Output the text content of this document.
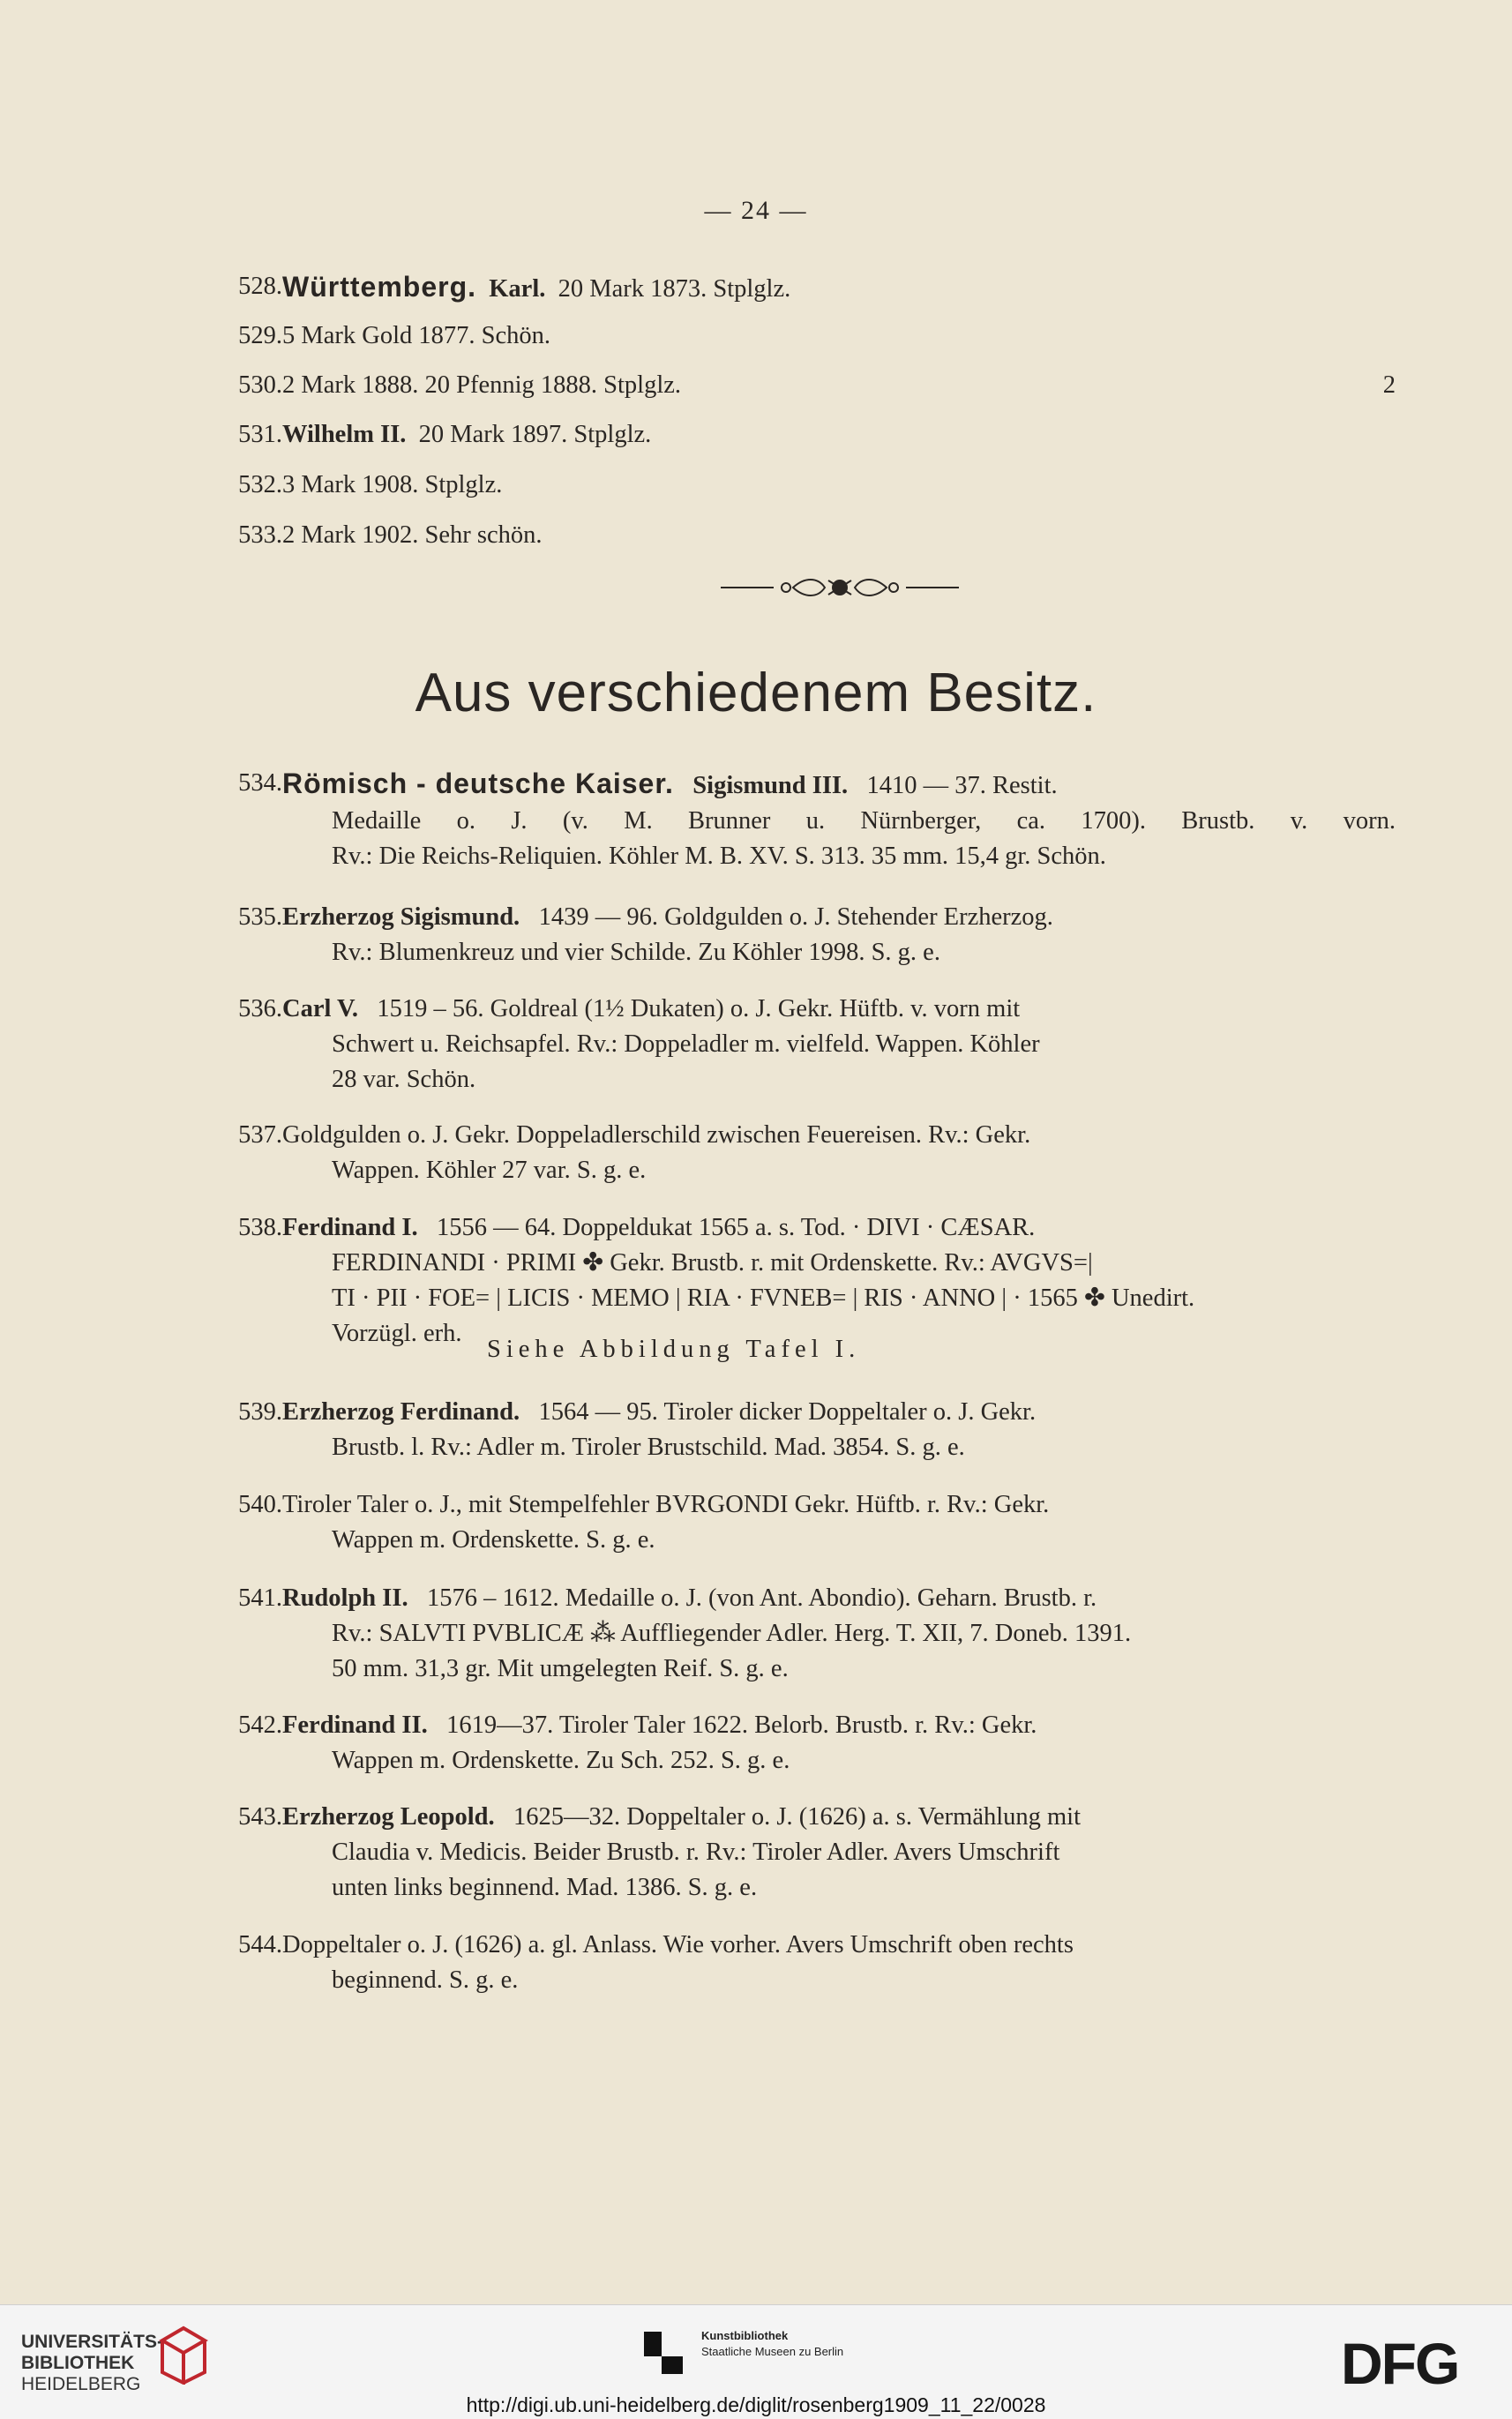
— 24 —
528. Württemberg. Karl. 20 Mark 1873. Stplglz.
529. 5 Mark Gold 1877. Schön.
530. 2 Mark 1888. 20 Pfennig 1888. Stplglz.	2
531. Wilhelm II. 20 Mark 1897. Stplglz.
532. 3 Mark 1908. Stplglz.
533. 2 Mark 1902. Sehr schön.
Aus verschiedenem Besitz.
534. Römisch - deutsche Kaiser. Sigismund III. 1410 — 37. Restit.
Medaille o. J. (v. M. Brunner u. Nürnberger, ca. 1700). Brustb. v. vorn.
Rv.: Die Reichs-Reliquien. Köhler M. B. XV. S. 313. 35 mm. 15,4 gr. Schön.
535. Erzherzog Sigismund. 1439 — 96. Goldgulden o. J. Stehender Erzherzog.
Rv.: Blumenkreuz und vier Schilde. Zu Köhler 1998. S. g. e.
536. Carl V. 1519 – 56. Goldreal (1½ Dukaten) o. J. Gekr. Hüftb. v. vorn mit
Schwert u. Reichsapfel. Rv.: Doppeladler m. vielfeld. Wappen. Köhler
28 var. Schön.
537. Goldgulden o. J. Gekr. Doppeladlerschild zwischen Feuereisen. Rv.: Gekr.
Wappen. Köhler 27 var. S. g. e.
538. Ferdinand I. 1556 — 64. Doppeldukat 1565 a. s. Tod. · DIVI · CÆSAR.
FERDINANDI · PRIMI ✤ Gekr. Brustb. r. mit Ordenskette. Rv.: AVGVS=|
TI · PII · FOE= | LICIS · MEMO | RIA · FVNEB= | RIS · ANNO | · 1565 ✤ Unedirt.
Vorzügl. erh.    Siehe Abbildung Tafel I.
539. Erzherzog Ferdinand. 1564 — 95. Tiroler dicker Doppeltaler o. J. Gekr.
Brustb. l. Rv.: Adler m. Tiroler Brustschild. Mad. 3854. S. g. e.
540. Tiroler Taler o. J., mit Stempelfehler BVRGONDI Gekr. Hüftb. r. Rv.: Gekr.
Wappen m. Ordenskette. S. g. e.
541. Rudolph II. 1576 – 1612. Medaille o. J. (von Ant. Abondio). Geharn. Brustb. r.
Rv.: SALVTI PVBLICÆ ⁂ Auffliegender Adler. Herg. T. XII, 7. Doneb. 1391.
50 mm. 31,3 gr. Mit umgelegten Reif. S. g. e.
542. Ferdinand II. 1619—37. Tiroler Taler 1622. Belorb. Brustb. r. Rv.: Gekr.
Wappen m. Ordenskette. Zu Sch. 252. S. g. e.
543. Erzherzog Leopold. 1625—32. Doppeltaler o. J. (1626) a. s. Vermählung mit
Claudia v. Medicis. Beider Brustb. r. Rv.: Tiroler Adler. Avers Umschrift
unten links beginnend. Mad. 1386. S. g. e.
544. Doppeltaler o. J. (1626) a. gl. Anlass. Wie vorher. Avers Umschrift oben rechts
beginnend. S. g. e.
UNIVERSITÄTS-
BIBLIOTHEK
HEIDELBERG
Kunstbibliothek
Staatliche Museen zu Berlin	DFG
http://digi.ub.uni-heidelberg.de/diglit/rosenberg1909_11_22/0028
